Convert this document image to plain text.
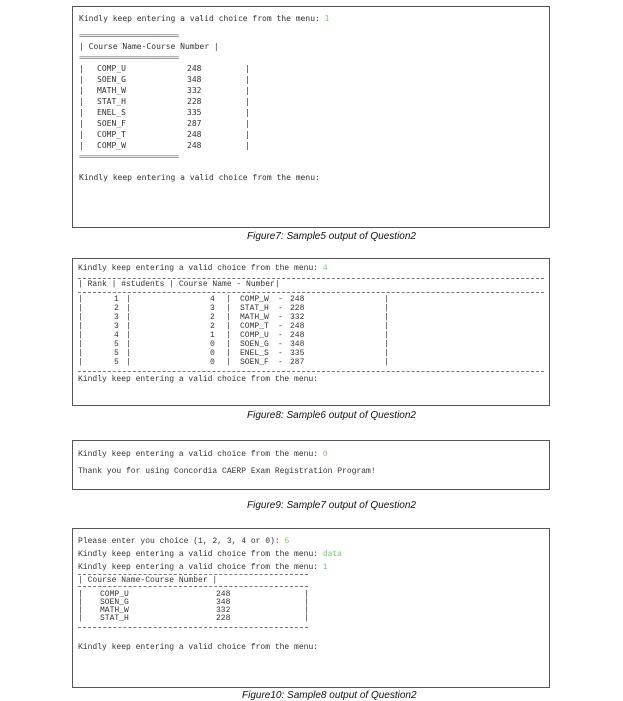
Kindly keep entering a valid choice from the menu: 1
==========================
| Course Name-Course Number |
==========================
| COMP_U	248	|
| SOEN_G	348	|
| MATH_W	332	|
| STAT_H	228	|
| ENEL_S	335	|
| SOEN_F	287	|
| COMP_T	248	|
| COMP_W	248	|
==========================
Kindly keep entering a valid choice from the menu:
Figure7: Sample5 output of Question2
Kindly keep entering a valid choice from the menu: 4
| Rank | #students | Course Name - Number|
|	1 |	4 | COMP_W - 248	|
|	2 |	3 | STAT_H - 228	|
|	3 |	2 | MATH_W - 332	|
|	3 |	2 | COMP_T - 248	|
|	4 |	1 | COMP_U - 248	|
|	5 |	0 | SOEN_G - 348	|
|	5 |	0 | ENEL_S - 335	|
|	5 |	0 | SOEN_F - 287	|
Kindly keep entering a valid choice from the menu:
Figure8: Sample6 output of Question2
Kindly keep entering a valid choice from the menu: 0
Thank you for using Concordia CAERP Exam Registration Program!
Figure9: Sample7 output of Question2
Please enter you choice (1, 2, 3, 4 or 0): 5
Kindly keep entering a valid choice from the menu: data
Kindly keep entering a valid choice from the menu: 1
| Course Name-Course Number |
| COMP_U	248	|
| SOEN_G	348	|
| MATH_W	332	|
| STAT_H	228	|
Kindly keep entering a valid choice from the menu:
Figure10: Sample8 output of Question2
